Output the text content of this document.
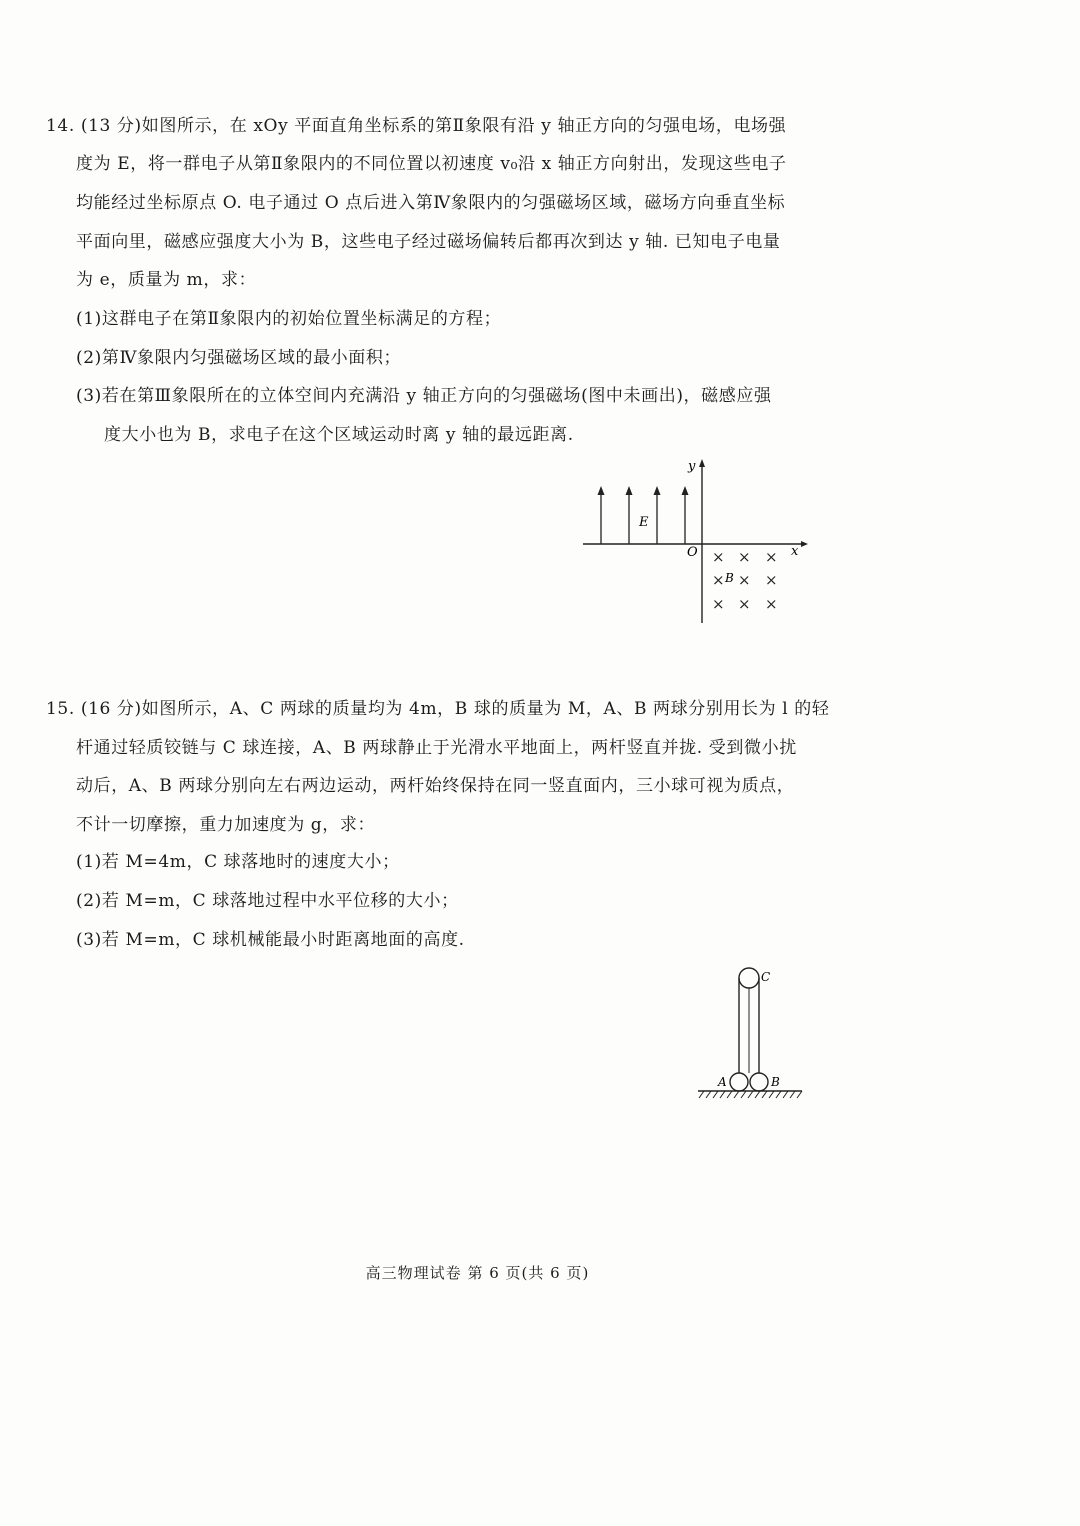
14. (13 分)如图所示，在 xOy 平面直角坐标系的第Ⅱ象限有沿 y 轴正方向的匀强电场，电场强
度为 E，将一群电子从第Ⅱ象限内的不同位置以初速度 v₀沿 x 轴正方向射出，发现这些电子
均能经过坐标原点 O. 电子通过 O 点后进入第Ⅳ象限内的匀强磁场区域，磁场方向垂直坐标
平面向里，磁感应强度大小为 B，这些电子经过磁场偏转后都再次到达 y 轴. 已知电子电量
为 e，质量为 m，求：
(1)这群电子在第Ⅱ象限内的初始位置坐标满足的方程；
(2)第Ⅳ象限内匀强磁场区域的最小面积；
(3)若在第Ⅲ象限所在的立体空间内充满沿 y 轴正方向的匀强磁场(图中未画出)，磁感应强
度大小也为 B，求电子在这个区域运动时离 y 轴的最远距离.
y
x
O
E
× × ×
× × ×
× × ×
B
15. (16 分)如图所示，A、C 两球的质量均为 4m，B 球的质量为 M，A、B 两球分别用长为 l 的轻
杆通过轻质铰链与 C 球连接，A、B 两球静止于光滑水平地面上，两杆竖直并拢. 受到微小扰
动后，A、B 两球分别向左右两边运动，两杆始终保持在同一竖直面内，三小球可视为质点，
不计一切摩擦，重力加速度为 g，求：
(1)若 M=4m，C 球落地时的速度大小；
(2)若 M=m，C 球落地过程中水平位移的大小；
(3)若 M=m，C 球机械能最小时距离地面的高度.
C
A	B
高三物理试卷 第 6 页(共 6 页)
